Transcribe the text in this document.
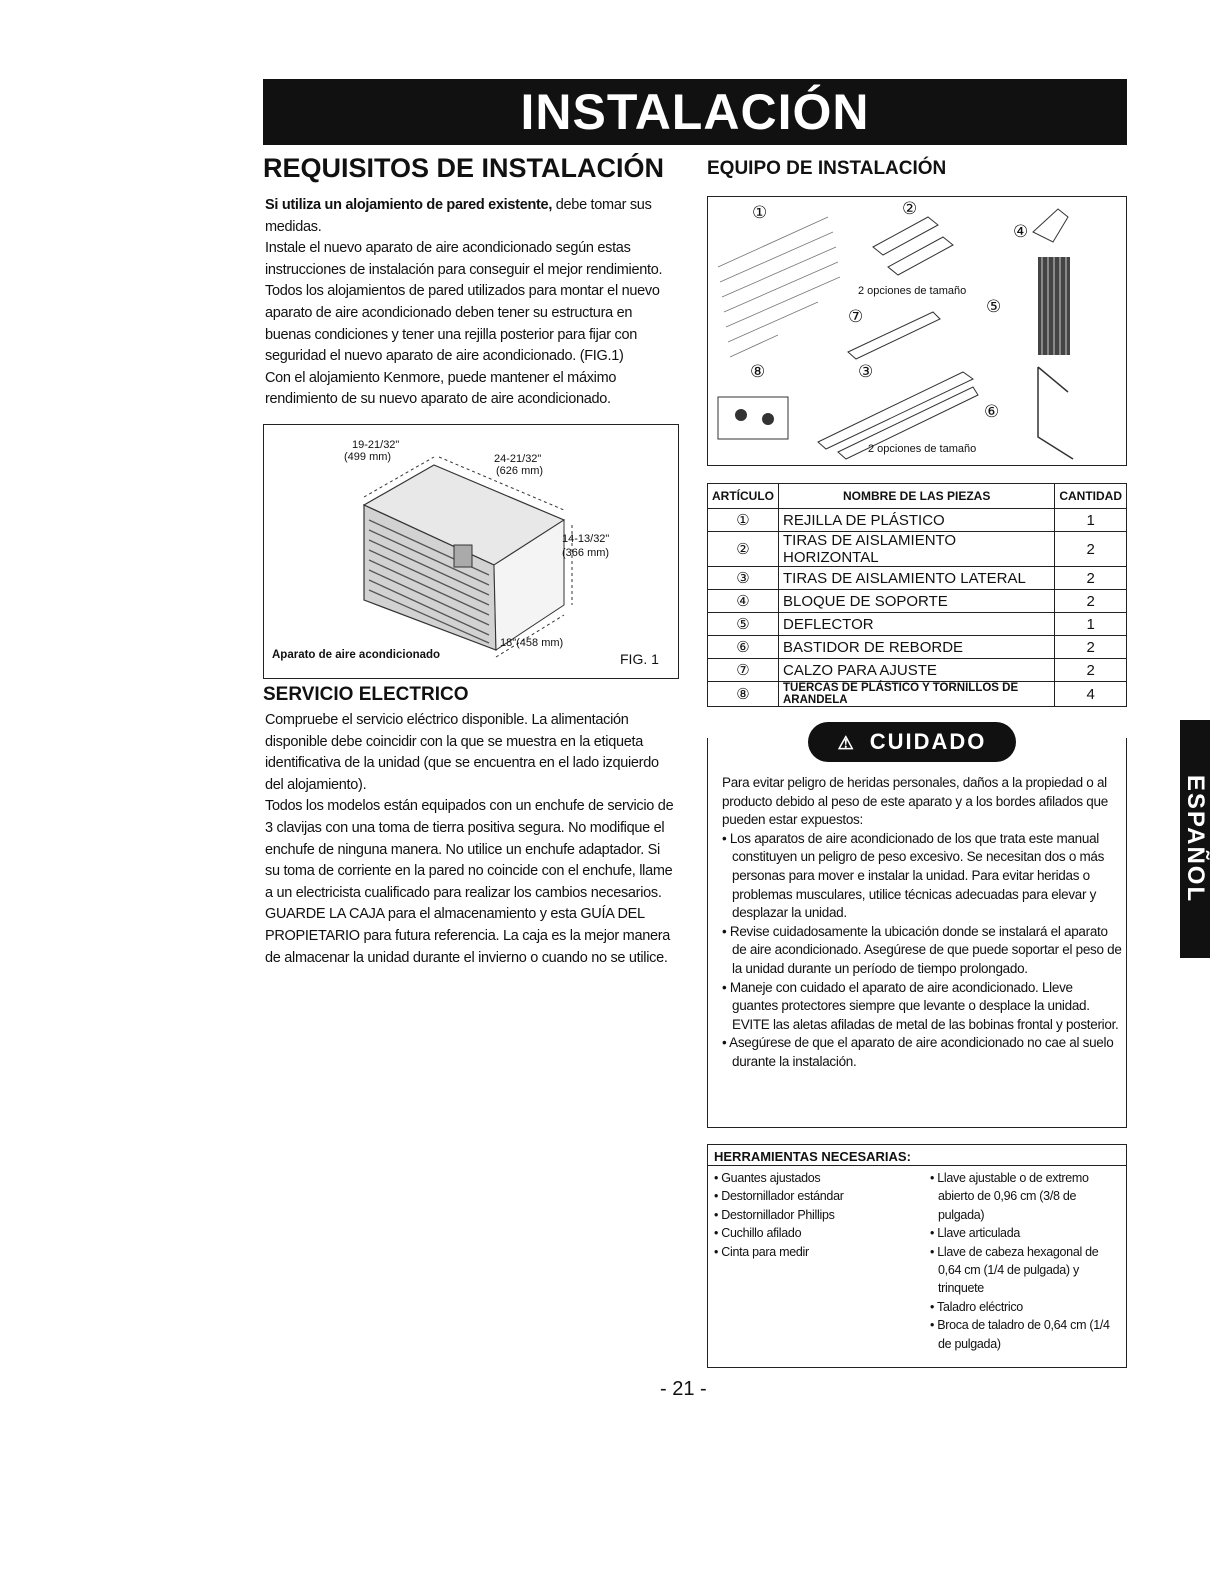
INSTALACIÓN
REQUISITOS DE INSTALACIÓN

Si utiliza un alojamiento de pared existente, debe tomar sus medidas.

Instale el nuevo aparato de aire acondicionado según estas instrucciones de instalación para conseguir el mejor rendimiento. Todos los alojamientos de pared utilizados para montar el nuevo aparato de aire acondicionado deben tener su estructura en buenas condiciones y tener una rejilla posterior para fijar con seguridad el nuevo aparato de aire acondicionado. (FIG.1)

Con el alojamiento Kenmore, puede mantener el máximo rendimiento de su nuevo aparato de aire acondicionado.

19-21/32"
(499 mm)	24-21/32"
(626 mm)
14-13/32"
(366 mm)
18"(458 mm)
Aparato de aire acondicionado	FIG. 1
SERVICIO ELECTRICO

Compruebe el servicio eléctrico disponible. La alimentación disponible debe coincidir con la que se muestra en la etiqueta identificativa de la unidad (que se encuentra en el lado izquierdo del alojamiento).

Todos los modelos están equipados con un enchufe de servicio de 3 clavijas con una toma de tierra positiva segura. No modifique el enchufe de ninguna manera. No utilice un enchufe adaptador. Si su toma de corriente en la pared no coincide con el enchufe, llame a un electricista cualificado para realizar los cambios necesarios. GUARDE LA CAJA para el almacenamiento y esta GUÍA DEL PROPIETARIO para futura referencia. La caja es la mejor manera de almacenar la unidad durante el invierno o cuando no se utilice.

EQUIPO DE INSTALACIÓN
①	②
④
2 opciones de tamaño
⑦
⑤
⑧	③
⑥
2 opciones de tamaño
ARTÍCULO	NOMBRE DE LAS PIEZAS	CANTIDAD
①	REJILLA DE PLÁSTICO	1
②	TIRAS DE AISLAMIENTO HORIZONTAL	2
③	TIRAS DE AISLAMIENTO LATERAL	2
④	BLOQUE DE SOPORTE	2
⑤	DEFLECTOR	1
⑥	BASTIDOR DE REBORDE	2
⑦	CALZO PARA AJUSTE	2
⑧	TUERCAS DE PLÁSTICO Y TORNILLOS DE ARANDELA	4
⚠ CUIDADO

Para evitar peligro de heridas personales, daños a la propiedad o al producto debido al peso de este aparato y a los bordes afilados que pueden estar expuestos:

• Los aparatos de aire acondicionado de los que trata este manual constituyen un peligro de peso excesivo. Se necesitan dos o más personas para mover e instalar la unidad. Para evitar heridas o problemas musculares, utilice técnicas adecuadas para elevar y desplazar la unidad.
• Revise cuidadosamente la ubicación donde se instalará el aparato de aire acondicionado. Asegúrese de que puede soportar el peso de la unidad durante un período de tiempo prolongado.
• Maneje con cuidado el aparato de aire acondicionado. Lleve guantes protectores siempre que levante o desplace la unidad. EVITE las aletas afiladas de metal de las bobinas frontal y posterior.
• Asegúrese de que el aparato de aire acondicionado no cae al suelo durante la instalación.
HERRAMIENTAS NECESARIAS:
• Guantes ajustados
• Destornillador estándar
• Destornillador Phillips
• Cuchillo afilado
• Cinta para medir
• Llave ajustable o de extremo abierto de 0,96 cm (3/8 de pulgada)
• Llave articulada
• Llave de cabeza hexagonal de 0,64 cm (1/4 de pulgada) y trinquete
• Taladro eléctrico
• Broca de taladro de 0,64 cm (1/4 de pulgada)
- 21 -
ESPAÑOL
